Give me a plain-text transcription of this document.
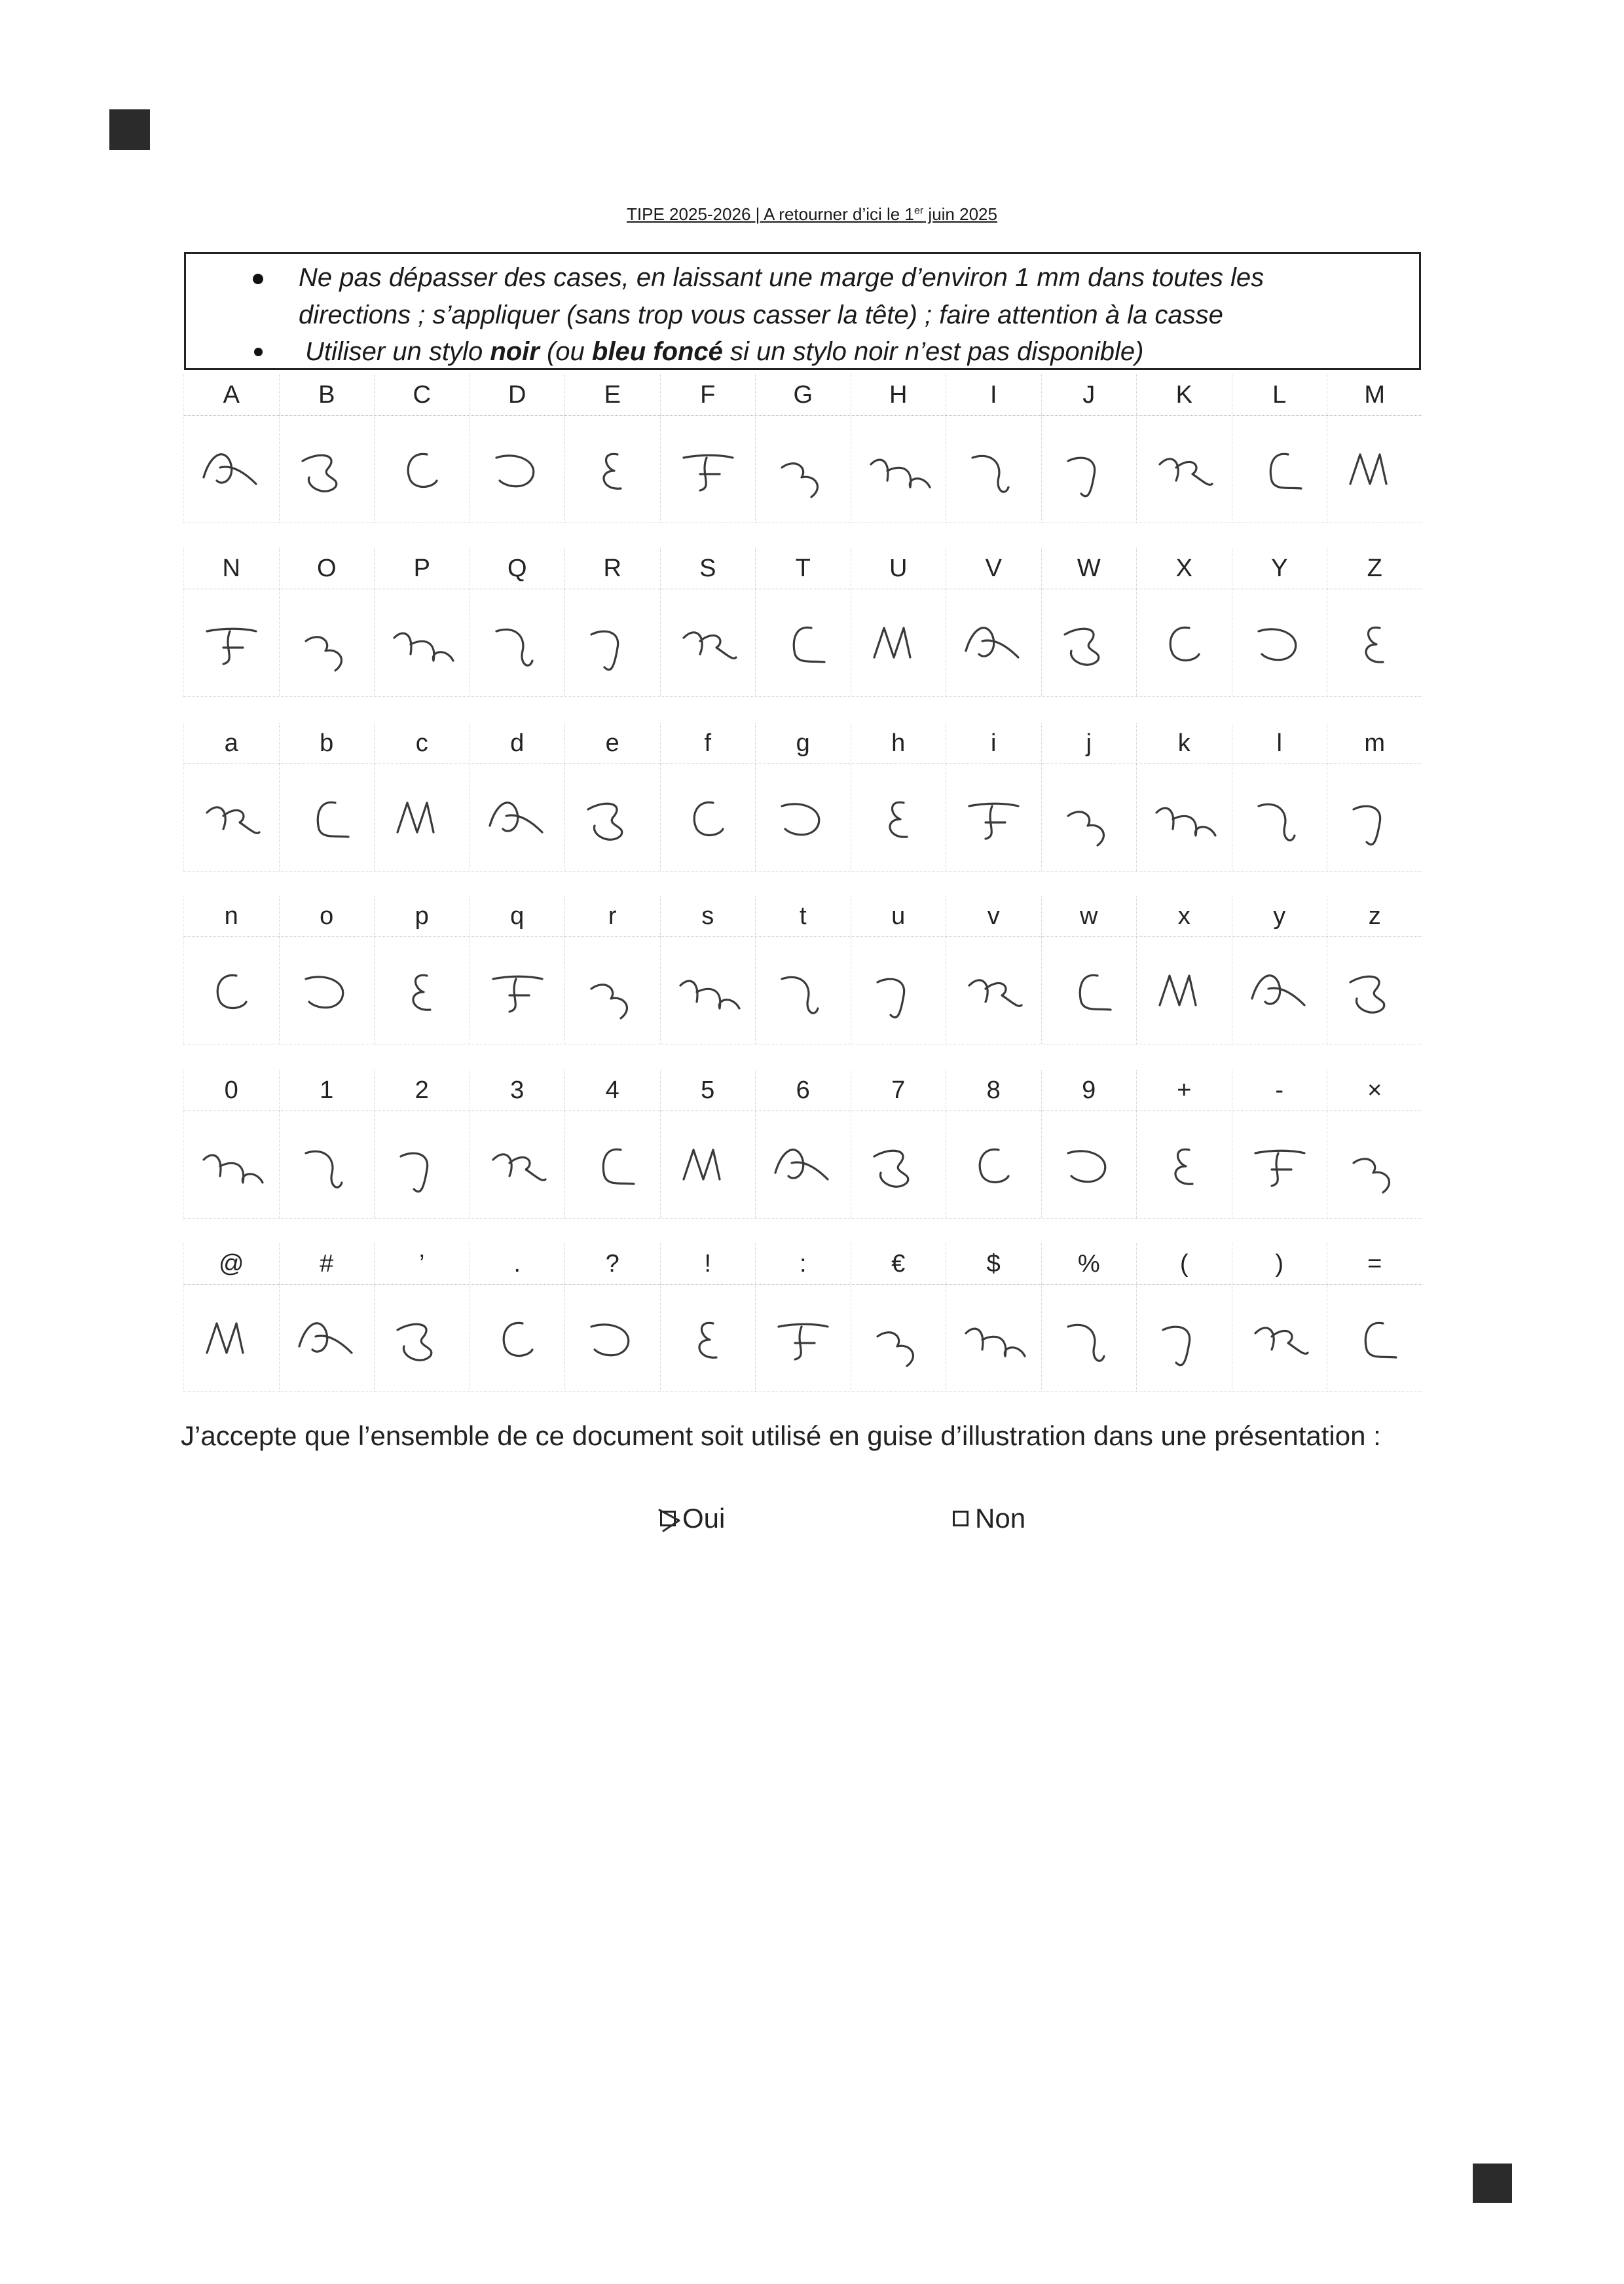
TIPE 2025-2026 | A retourner d’ici le 1er juin 2025
Ne pas dépasser des cases, en laissant une marge d’environ 1 mm dans toutes les
directions ; s’appliquer (sans trop vous casser la tête) ; faire attention à la casse
Utiliser un stylo noir (ou bleu foncé si un stylo noir n’est pas disponible)
A	B	C	D	E	F	G	H	I	J	K	L	M
N	O	P	Q	R	S	T	U	V	W	X	Y	Z
a	b	c	d	e	f	g	h	i	j	k	l	m
n	o	p	q	r	s	t	u	v	w	x	y	z
0	1	2	3	4	5	6	7	8	9	+	-	×
@	#	’	.	?	!	:	€	$	%	(	)	=
J’accepte que l’ensemble de ce document soit utilisé en guise d’illustration dans une présentation :
Oui	Non
